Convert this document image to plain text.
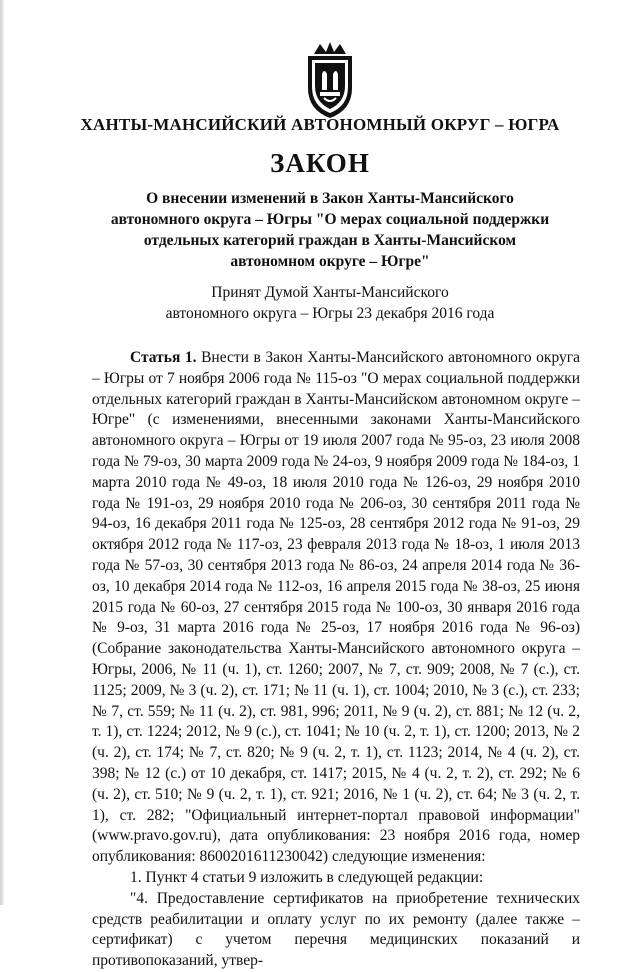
ХАНТЫ-МАНСИЙСКИЙ АВТОНОМНЫЙ ОКРУГ – ЮГРА
ЗАКОН
О внесении изменений в Закон Ханты-Мансийского
автономного округа – Югры "О мерах социальной поддержки
отдельных категорий граждан в Ханты-Мансийском
автономном округе – Югре"
Принят Думой Ханты-Мансийского
автономного округа – Югры 23 декабря 2016 года

Статья 1. Внести в Закон Ханты-Мансийского автономного округа – Югры от 7 ноября 2006 года № 115-оз "О мерах социальной поддержки отдельных категорий граждан в Ханты-Мансийском автономном округе – Югре" (с изменениями, внесенными законами Ханты-Мансийского автономного округа – Югры от 19 июля 2007 года № 95-оз, 23 июля 2008 года № 79-оз, 30 марта 2009 года № 24-оз, 9 ноября 2009 года № 184-оз, 1 марта 2010 года № 49-оз, 18 июля 2010 года № 126-оз, 29 ноября 2010 года № 191-оз, 29 ноября 2010 года № 206-оз, 30 сентября 2011 года № 94-оз, 16 декабря 2011 года № 125-оз, 28 сентября 2012 года № 91-оз, 29 октября 2012 года № 117-оз, 23 февраля 2013 года № 18-оз, 1 июля 2013 года № 57-оз, 30 сентября 2013 года № 86-оз, 24 апреля 2014 года № 36-оз, 10 декабря 2014 года № 112-оз, 16 апреля 2015 года № 38-оз, 25 июня 2015 года № 60-оз, 27 сентября 2015 года № 100-оз, 30 января 2016 года № 9-оз, 31 марта 2016 года № 25-оз, 17 ноября 2016 года № 96-оз) (Собрание законодательства Ханты-Мансийского автономного округа – Югры, 2006, № 11 (ч. 1), ст. 1260; 2007, № 7, ст. 909; 2008, № 7 (с.), ст. 1125; 2009, № 3 (ч. 2), ст. 171; № 11 (ч. 1), ст. 1004; 2010, № 3 (с.), ст. 233; № 7, ст. 559; № 11 (ч. 2), ст. 981, 996; 2011, № 9 (ч. 2), ст. 881; № 12 (ч. 2, т. 1), ст. 1224; 2012, № 9 (с.), ст. 1041; № 10 (ч. 2, т. 1), ст. 1200; 2013, № 2 (ч. 2), ст. 174; № 7, ст. 820; № 9 (ч. 2, т. 1), ст. 1123; 2014, № 4 (ч. 2), ст. 398; № 12 (с.) от 10 декабря, ст. 1417; 2015, № 4 (ч. 2, т. 2), ст. 292; № 6 (ч. 2), ст. 510; № 9 (ч. 2, т. 1), ст. 921; 2016, № 1 (ч. 2), ст. 64; № 3 (ч. 2, т. 1), ст. 282; "Официальный интернет-портал правовой информации" (www.pravo.gov.ru), дата опубликования: 23 ноября 2016 года, номер опубликования: 8600201611230042) следующие изменения:

1. Пункт 4 статьи 9 изложить в следующей редакции:

"4. Предоставление сертификатов на приобретение технических средств реабилитации и оплату услуг по их ремонту (далее также – сертификат) с учетом перечня медицинских показаний и противопоказаний, утвер-
